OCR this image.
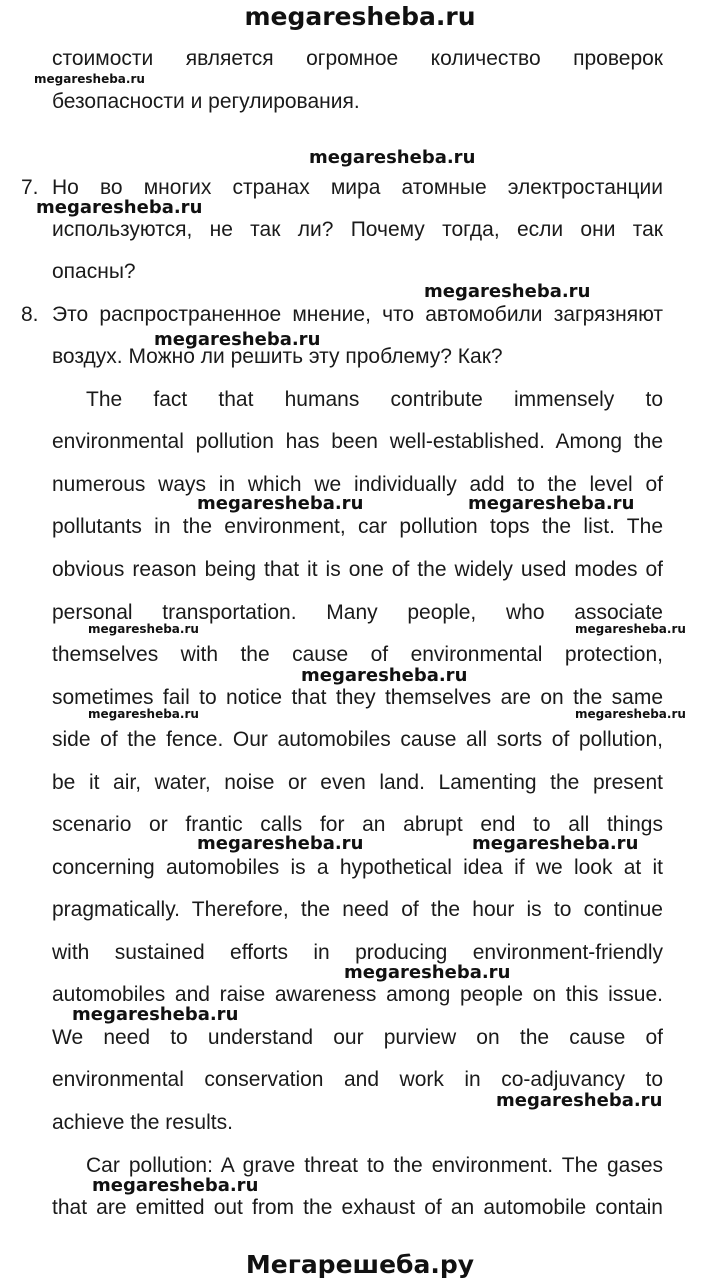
megaresheba.ru
стоимости является огромное количество проверок
безопасности и регулирования.
7. Но во многих странах мира атомные электростанции
используются, не так ли? Почему тогда, если они так
опасны?
8. Это распространенное мнение, что автомобили загрязняют
воздух. Можно ли решить эту проблему? Как?
The fact that humans contribute immensely to
environmental pollution has been well-established. Among the
numerous ways in which we individually add to the level of
pollutants in the environment, car pollution tops the list. The
obvious reason being that it is one of the widely used modes of
personal transportation. Many people, who associate
themselves with the cause of environmental protection,
sometimes fail to notice that they themselves are on the same
side of the fence. Our automobiles cause all sorts of pollution,
be it air, water, noise or even land. Lamenting the present
scenario or frantic calls for an abrupt end to all things
concerning automobiles is a hypothetical idea if we look at it
pragmatically. Therefore, the need of the hour is to continue
with sustained efforts in producing environment-friendly
automobiles and raise awareness among people on this issue.
We need to understand our purview on the cause of
environmental conservation and work in co-adjuvancy to
achieve the results.
Car pollution: A grave threat to the environment. The gases
that are emitted out from the exhaust of an automobile contain
megaresheba.ru
megaresheba.ru
megaresheba.ru
megaresheba.ru
megaresheba.ru
megaresheba.ru	megaresheba.ru
megaresheba.ru	megaresheba.ru
megaresheba.ru
megaresheba.ru	megaresheba.ru
megaresheba.ru	megaresheba.ru
megaresheba.ru
megaresheba.ru
megaresheba.ru
megaresheba.ru
Мегарешеба.ру
